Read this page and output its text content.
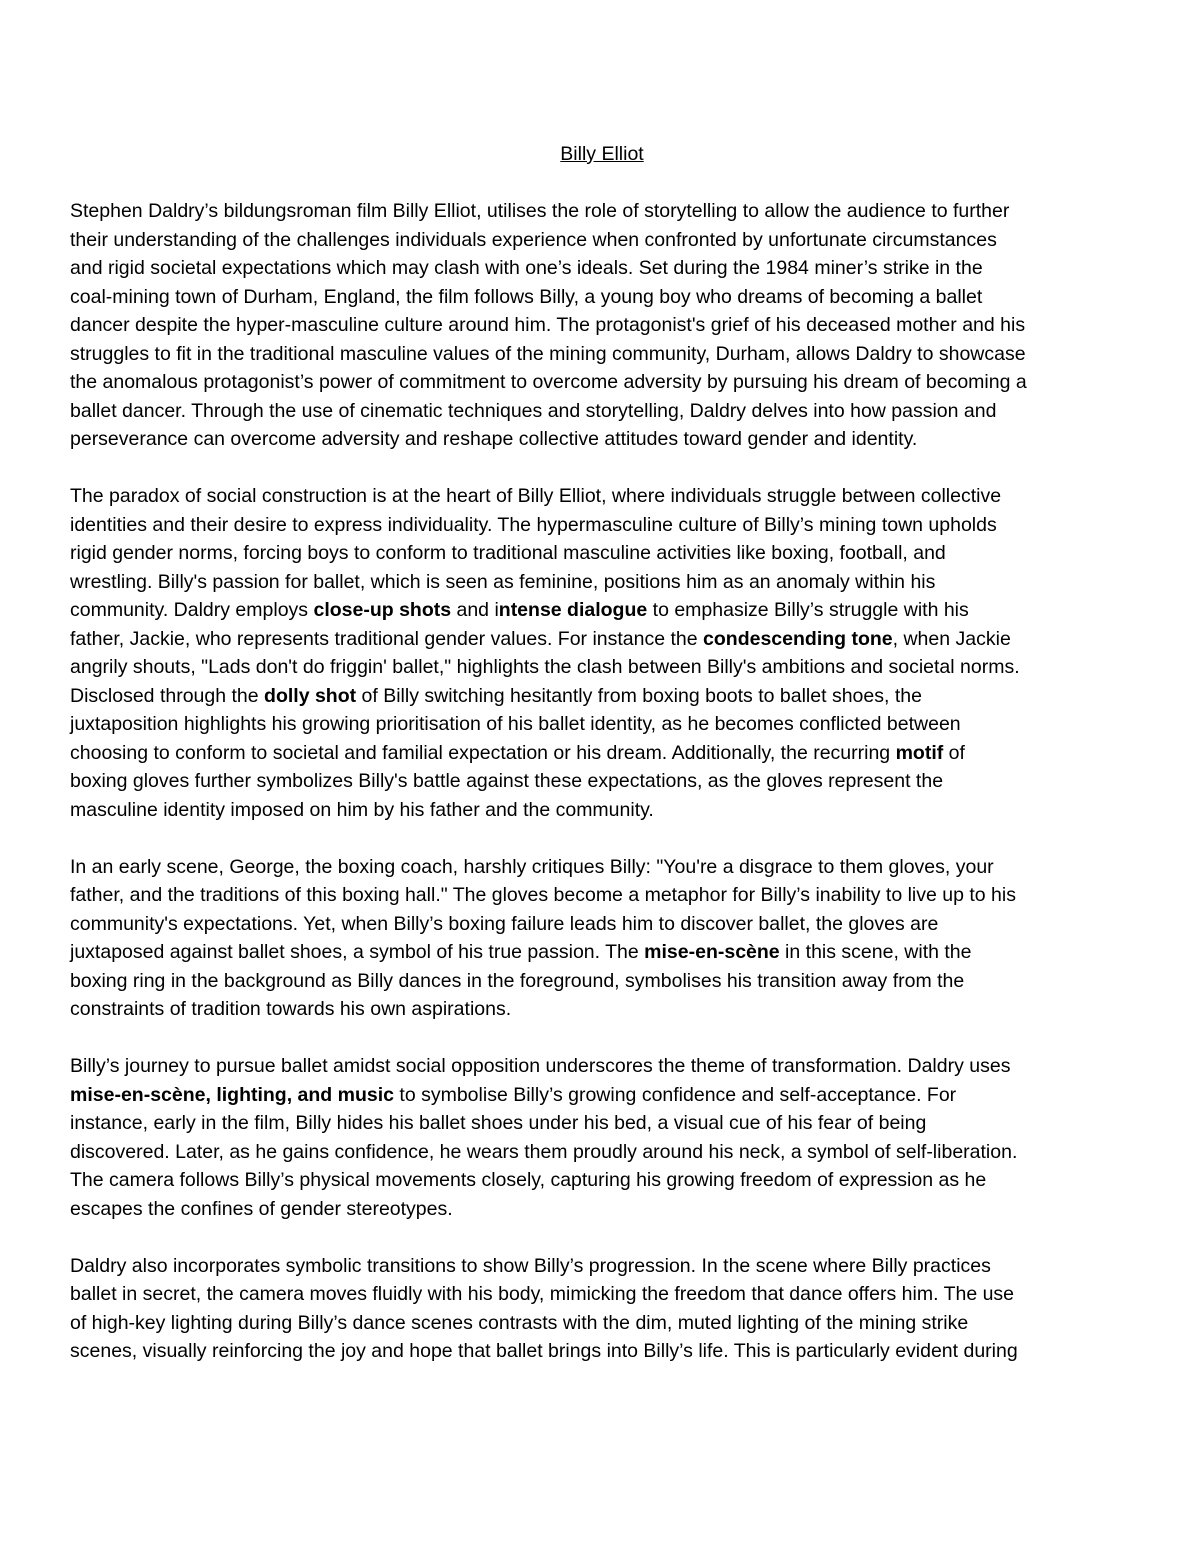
Billy Elliot
Stephen Daldry’s bildungsroman film Billy Elliot, utilises the role of storytelling to allow the audience to further
their understanding of the challenges individuals experience when confronted by unfortunate circumstances
and rigid societal expectations which may clash with one’s ideals. Set during the 1984 miner’s strike in the
coal-mining town of Durham, England, the film follows Billy, a young boy who dreams of becoming a ballet
dancer despite the hyper-masculine culture around him. The protagonist's grief of his deceased mother and his
struggles to fit in the traditional masculine values of the mining community, Durham, allows Daldry to showcase
the anomalous protagonist’s power of commitment to overcome adversity by pursuing his dream of becoming a
ballet dancer. Through the use of cinematic techniques and storytelling, Daldry delves into how passion and
perseverance can overcome adversity and reshape collective attitudes toward gender and identity.
The paradox of social construction is at the heart of Billy Elliot, where individuals struggle between collective
identities and their desire to express individuality. The hypermasculine culture of Billy’s mining town upholds
rigid gender norms, forcing boys to conform to traditional masculine activities like boxing, football, and
wrestling. Billy's passion for ballet, which is seen as feminine, positions him as an anomaly within his
community. Daldry employs close-up shots and intense dialogue to emphasize Billy’s struggle with his
father, Jackie, who represents traditional gender values. For instance the condescending tone, when Jackie
angrily shouts, "Lads don't do friggin' ballet," highlights the clash between Billy's ambitions and societal norms.
Disclosed through the dolly shot of Billy switching hesitantly from boxing boots to ballet shoes, the
juxtaposition highlights his growing prioritisation of his ballet identity, as he becomes conflicted between
choosing to conform to societal and familial expectation or his dream. Additionally, the recurring motif of
boxing gloves further symbolizes Billy's battle against these expectations, as the gloves represent the
masculine identity imposed on him by his father and the community.
In an early scene, George, the boxing coach, harshly critiques Billy: "You're a disgrace to them gloves, your
father, and the traditions of this boxing hall." The gloves become a metaphor for Billy’s inability to live up to his
community's expectations. Yet, when Billy’s boxing failure leads him to discover ballet, the gloves are
juxtaposed against ballet shoes, a symbol of his true passion. The mise-en-scène in this scene, with the
boxing ring in the background as Billy dances in the foreground, symbolises his transition away from the
constraints of tradition towards his own aspirations.
Billy’s journey to pursue ballet amidst social opposition underscores the theme of transformation. Daldry uses
mise-en-scène, lighting, and music to symbolise Billy’s growing confidence and self-acceptance. For
instance, early in the film, Billy hides his ballet shoes under his bed, a visual cue of his fear of being
discovered. Later, as he gains confidence, he wears them proudly around his neck, a symbol of self-liberation.
The camera follows Billy’s physical movements closely, capturing his growing freedom of expression as he
escapes the confines of gender stereotypes.
Daldry also incorporates symbolic transitions to show Billy’s progression. In the scene where Billy practices
ballet in secret, the camera moves fluidly with his body, mimicking the freedom that dance offers him. The use
of high-key lighting during Billy’s dance scenes contrasts with the dim, muted lighting of the mining strike
scenes, visually reinforcing the joy and hope that ballet brings into Billy’s life. This is particularly evident during
